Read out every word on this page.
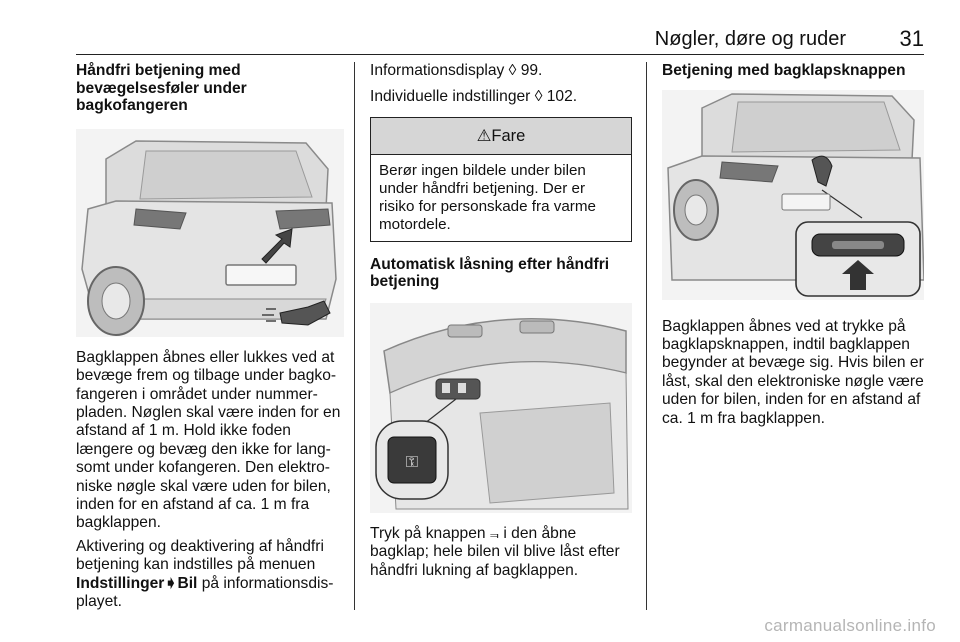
Nøgler, døre og ruder 31

Håndfri betjening med bevægelsesføler under bagkofangeren

Bagklappen åbnes eller lukkes ved at bevæge frem og tilbage under bagko-fangeren i området under nummer-pladen. Nøglen skal være inden for en afstand af 1 m. Hold ikke foden længere og bevæg den ikke for lang-somt under kofangeren. Den elektro-niske nøgle skal være uden for bilen, inden for en afstand af ca. 1 m fra bagklappen.

Aktivering og deaktivering af håndfri betjening kan indstilles på menuen Indstillinger➧Bil på informationsdis-playet.

Informationsdisplay ◊ 99.

Individuelle indstillinger ◊ 102.

⚠Fare
Berør ingen bildele under bilen under håndfri betjening. Der er risiko for personskade fra varme motordele.

Automatisk låsning efter håndfri betjening

⚿

Tryk på knappen ⫬ i den åbne bagklap; hele bilen vil blive låst efter håndfri lukning af bagklappen.

Betjening med bagklapsknappen

Bagklappen åbnes ved at trykke på bagklapsknappen, indtil bagklappen begynder at bevæge sig. Hvis bilen er låst, skal den elektroniske nøgle være uden for bilen, inden for en afstand af ca. 1 m fra bagklappen.

carmanualsonline.info
